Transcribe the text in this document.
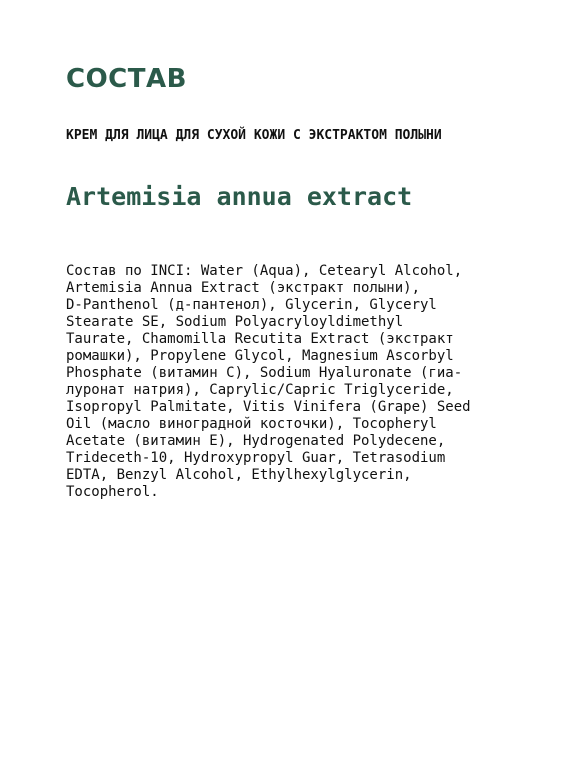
СОСТАВ

КРЕМ ДЛЯ ЛИЦА ДЛЯ СУХОЙ КОЖИ С ЭКСТРАКТОМ ПОЛЫНИ

Artemisia annua extract
Состав по INCI: Water (Aqua), Cetearyl Alcohol,
Artemisia Annua Extract (экстракт полыни),
D-Panthenol (д-пантенол), Glycerin, Glyceryl
Stearate SE, Sodium Polyacryloyldimethyl
Taurate, Chamomilla Recutita Extract (экстракт
ромашки), Propylene Glycol, Magnesium Ascorbyl
Phosphate (витамин С), Sodium Hyaluronate (гиа-
луронат натрия), Caprylic/Capric Triglyceride,
Isopropyl Palmitate, Vitis Vinifera (Grape) Seed
Oil (масло виноградной косточки), Tocopheryl
Acetate (витамин Е), Hydrogenated Polydecene,
Trideceth-10, Hydroxypropyl Guar, Tetrasodium
EDTA, Benzyl Alcohol, Ethylhexylglycerin,
Tocopherol.
